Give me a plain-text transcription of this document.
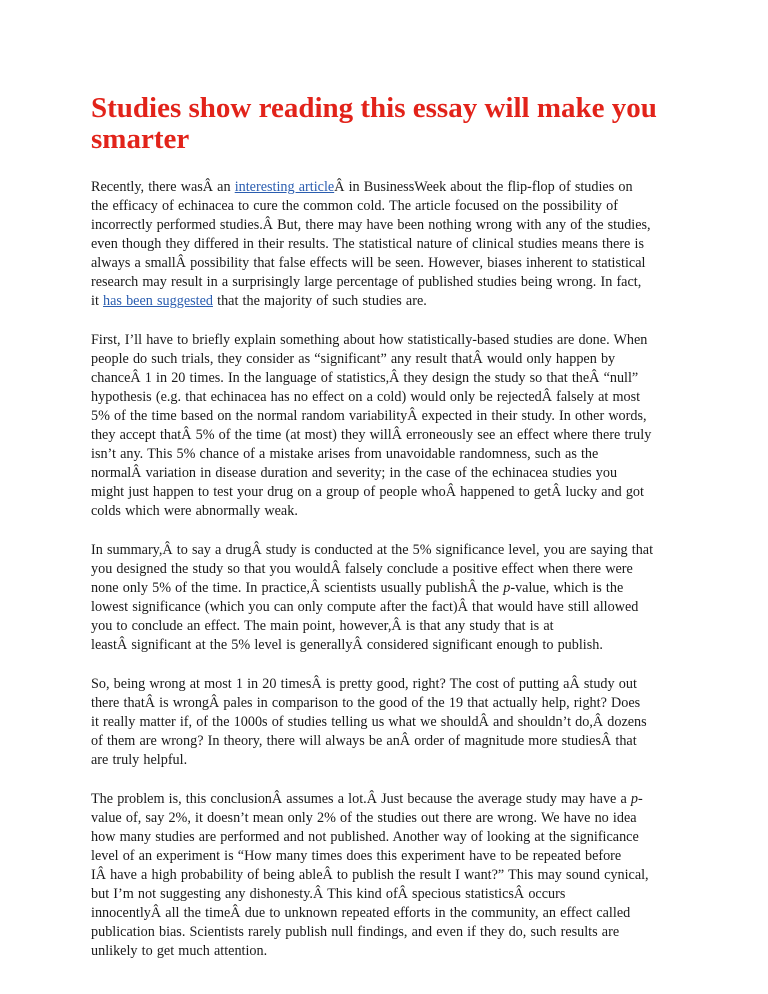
Studies show reading this essay will make you smarter

Recently, there wasÂ an interesting articleÂ in BusinessWeek about the flip-flop of studies on
the efficacy of echinacea to cure the common cold. The article focused on the possibility of
incorrectly performed studies.Â But, there may have been nothing wrong with any of the studies,
even though they differed in their results. The statistical nature of clinical studies means there is
always a smallÂ possibility that false effects will be seen. However, biases inherent to statistical
research may result in a surprisingly large percentage of published studies being wrong. In fact,
it has been suggested that the majority of such studies are.

First, I’ll have to briefly explain something about how statistically-based studies are done. When
people do such trials, they consider as “significant” any result thatÂ would only happen by
chanceÂ 1 in 20 times. In the language of statistics,Â they design the study so that theÂ “null”
hypothesis (e.g. that echinacea has no effect on a cold) would only be rejectedÂ falsely at most
5% of the time based on the normal random variabilityÂ expected in their study. In other words,
they accept thatÂ 5% of the time (at most) they willÂ erroneously see an effect where there truly
isn’t any. This 5% chance of a mistake arises from unavoidable randomness, such as the
normalÂ variation in disease duration and severity; in the case of the echinacea studies you
might just happen to test your drug on a group of people whoÂ happened to getÂ lucky and got
colds which were abnormally weak.

In summary,Â to say a drugÂ study is conducted at the 5% significance level, you are saying that
you designed the study so that you wouldÂ falsely conclude a positive effect when there were
none only 5% of the time. In practice,Â scientists usually publishÂ the p-value, which is the
lowest significance (which you can only compute after the fact)Â that would have still allowed
you to conclude an effect. The main point, however,Â is that any study that is at
leastÂ significant at the 5% level is generallyÂ considered significant enough to publish.

So, being wrong at most 1 in 20 timesÂ is pretty good, right? The cost of putting aÂ study out
there thatÂ is wrongÂ pales in comparison to the good of the 19 that actually help, right? Does
it really matter if, of the 1000s of studies telling us what we shouldÂ and shouldn’t do,Â dozens
of them are wrong? In theory, there will always be anÂ order of magnitude more studiesÂ that
are truly helpful.

The problem is, this conclusionÂ assumes a lot.Â Just because the average study may have a p-
value of, say 2%, it doesn’t mean only 2% of the studies out there are wrong. We have no idea
how many studies are performed and not published. Another way of looking at the significance
level of an experiment is “How many times does this experiment have to be repeated before
IÂ have a high probability of being ableÂ to publish the result I want?” This may sound cynical,
but I’m not suggesting any dishonesty.Â This kind ofÂ specious statisticsÂ occurs
innocentlyÂ all the timeÂ due to unknown repeated efforts in the community, an effect called
publication bias. Scientists rarely publish null findings, and even if they do, such results are
unlikely to get much attention.
